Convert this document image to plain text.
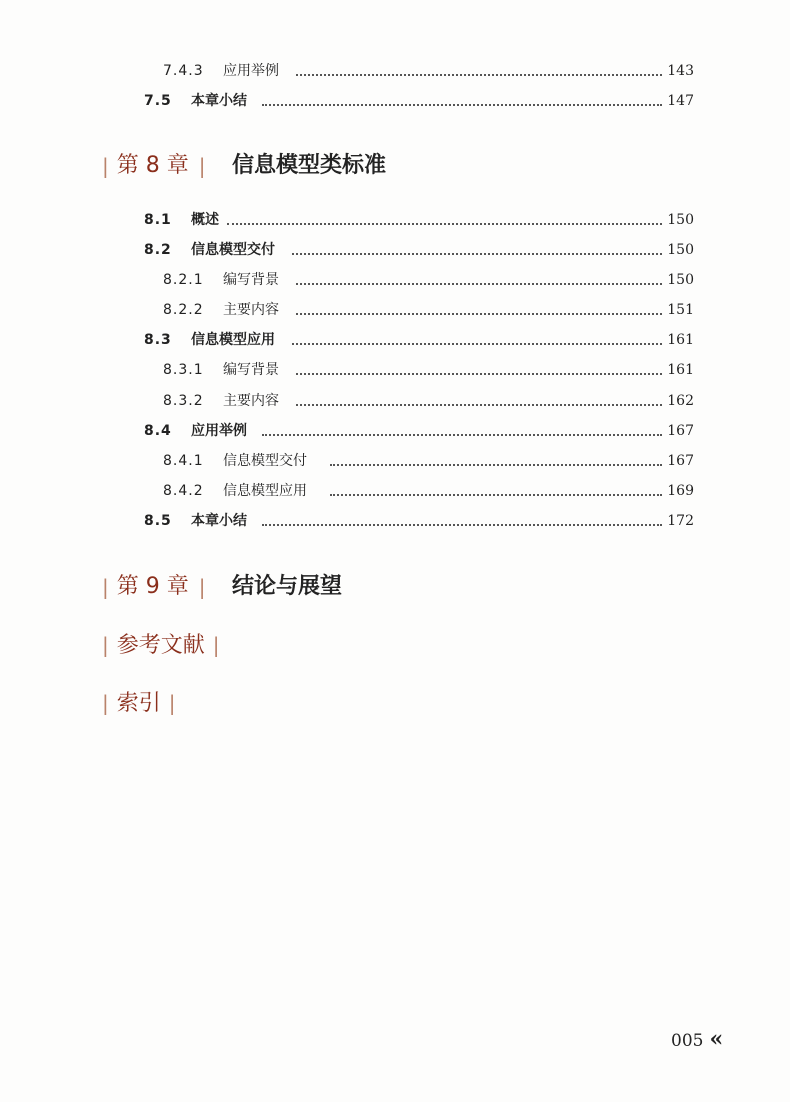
7.4.3 应用举例	143
7.5 本章小结	147
| 第 8 章 | 信息模型类标准
8.1 概述	150
8.2 信息模型交付	150
8.2.1 编写背景	150
8.2.2 主要内容	151
8.3 信息模型应用	161
8.3.1 编写背景	161
8.3.2 主要内容	162
8.4 应用举例	167
8.4.1 信息模型交付	167
8.4.2 信息模型应用	169
8.5 本章小结	172
| 第 9 章 | 结论与展望
| 参考文献 |
| 索引 |
005 «
